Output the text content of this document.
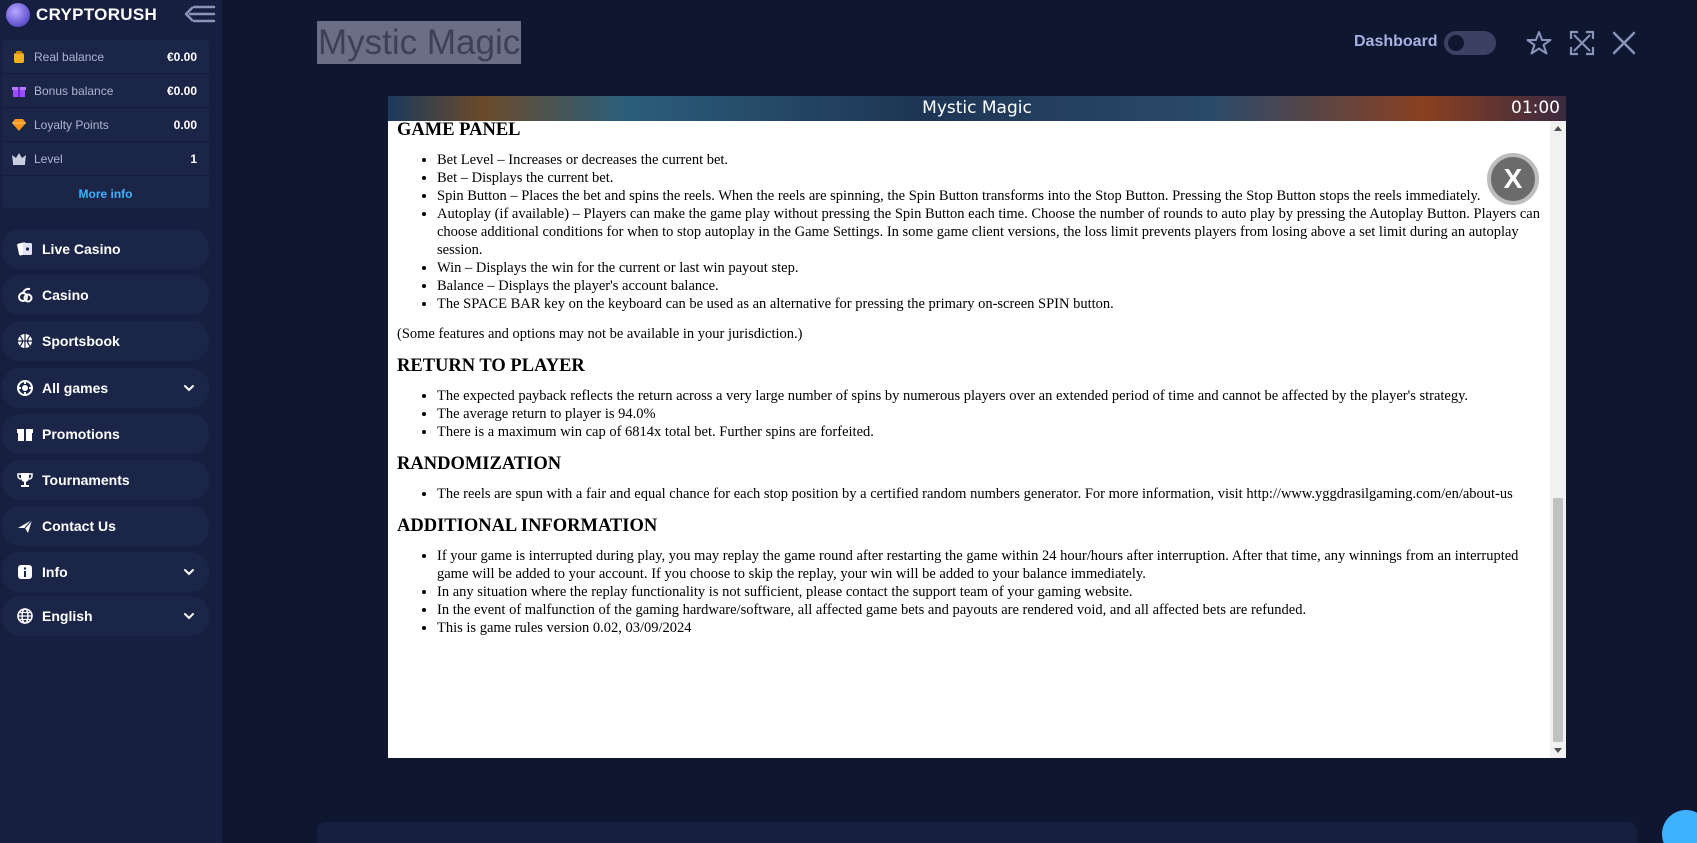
CRYPTORUSH
Real balance	€0.00
Bonus balance	€0.00
Loyalty Points	0.00
Level	1
More info
Live Casino
Casino
Sportsbook
All games
Promotions
Tournaments
Contact Us
Info
English
Mystic Magic	Dashboard
Mystic Magic	01:00
GAME PANEL
• Bet Level – Increases or decreases the current bet.
• Bet – Displays the current bet.
• Spin Button – Places the bet and spins the reels. When the reels are spinning, the Spin Button transforms into the Stop Button. Pressing the Stop Button stops the reels immediately.
• Autoplay (if available) – Players can make the game play without pressing the Spin Button each time. Choose the number of rounds to auto play by pressing the Autoplay Button. Players can choose additional conditions for when to stop autoplay in the Game Settings. In some game client versions, the loss limit prevents players from losing above a set limit during an autoplay session.
• Win – Displays the win for the current or last win payout step.
• Balance – Displays the player's account balance.
• The SPACE BAR key on the keyboard can be used as an alternative for pressing the primary on-screen SPIN button.

(Some features and options may not be available in your jurisdiction.)

RETURN TO PLAYER
• The expected payback reflects the return across a very large number of spins by numerous players over an extended period of time and cannot be affected by the player's strategy.
• The average return to player is 94.0%
• There is a maximum win cap of 6814x total bet. Further spins are forfeited.
RANDOMIZATION
• The reels are spun with a fair and equal chance for each stop position by a certified random numbers generator. For more information, visit http://www.yggdrasilgaming.com/en/about-us
ADDITIONAL INFORMATION
• If your game is interrupted during play, you may replay the game round after restarting the game within 24 hour/hours after interruption. After that time, any winnings from an interrupted game will be added to your account. If you choose to skip the replay, your win will be added to your balance immediately.
• In any situation where the replay functionality is not sufficient, please contact the support team of your gaming website.
• In the event of malfunction of the gaming hardware/software, all affected game bets and payouts are rendered void, and all affected bets are refunded.
• This is game rules version 0.02, 03/09/2024
X
